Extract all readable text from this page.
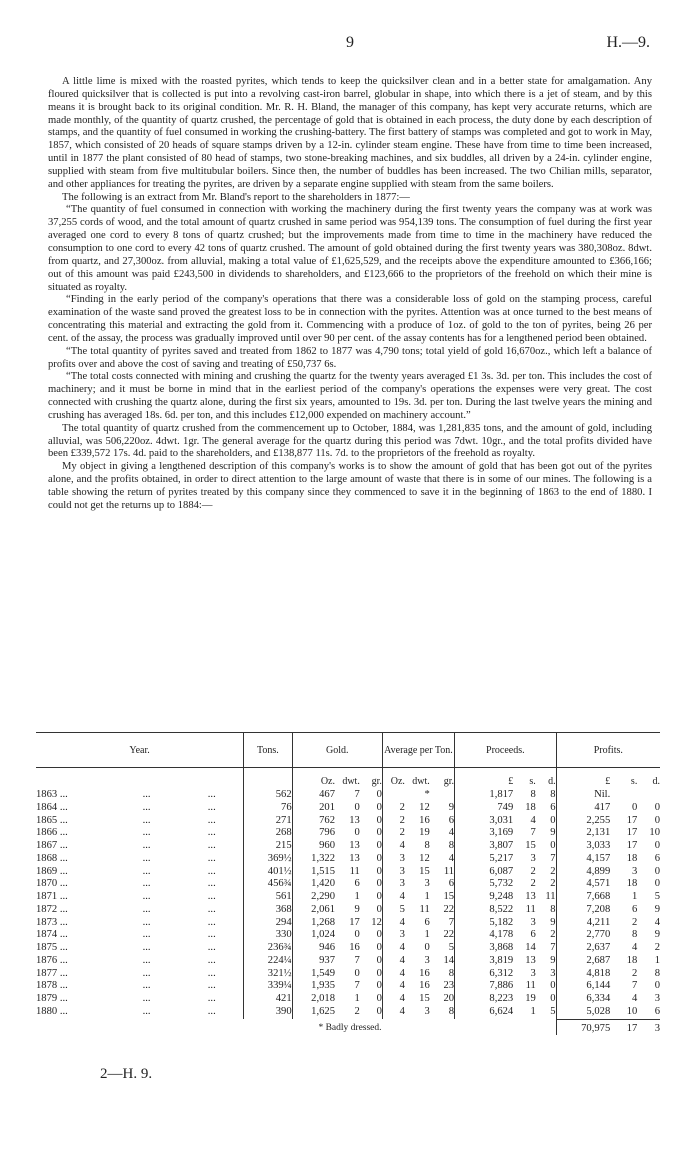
9	H.—9.

A little lime is mixed with the roasted pyrites, which tends to keep the quicksilver clean and in a better state for amalgamation. Any floured quicksilver that is collected is put into a revolving cast-iron barrel, globular in shape, into which there is a jet of steam, and by this means it is brought back to its original condition. Mr. R. H. Bland, the manager of this company, has kept very accurate returns, which are made monthly, of the quantity of quartz crushed, the percentage of gold that is obtained in each process, the duty done by each description of stamps, and the quantity of fuel consumed in working the crushing-battery. The first battery of stamps was completed and got to work in May, 1857, which consisted of 20 heads of square stamps driven by a 12-in. cylinder steam engine. These have from time to time been increased, until in 1877 the plant consisted of 80 head of stamps, two stone-breaking machines, and six buddles, all driven by a 24-in. cylinder engine, supplied with steam from five multitubular boilers. Since then, the number of buddles has been increased. The two Chilian mills, separator, and other appliances for treating the pyrites, are driven by a separate engine supplied with steam from the same boilers.

The following is an extract from Mr. Bland's report to the shareholders in 1877:—

“The quantity of fuel consumed in connection with working the machinery during the first twenty years the company was at work was 37,255 cords of wood, and the total amount of quartz crushed in same period was 954,139 tons. The consumption of fuel during the first year averaged one cord to every 8 tons of quartz crushed; but the improvements made from time to time in the machinery have reduced the consumption to one cord to every 42 tons of quartz crushed. The amount of gold obtained during the first twenty years was 380,308oz. 8dwt. from quartz, and 27,300oz. from alluvial, making a total value of £1,625,529, and the receipts above the expenditure amounted to £366,166; out of this amount was paid £243,500 in dividends to shareholders, and £123,666 to the proprietors of the freehold on which their mine is situated as royalty.

“Finding in the early period of the company's operations that there was a considerable loss of gold on the stamping process, careful examination of the waste sand proved the greatest loss to be in connection with the pyrites. Attention was at once turned to the best means of concentrating this material and extracting the gold from it. Commencing with a produce of 1oz. of gold to the ton of pyrites, being 26 per cent. of the assay, the process was gradually improved until over 90 per cent. of the assay contents has for a lengthened period been obtained.

“The total quantity of pyrites saved and treated from 1862 to 1877 was 4,790 tons; total yield of gold 16,670oz., which left a balance of profits over and above the cost of saving and treating of £50,737 6s.

“The total costs connected with mining and crushing the quartz for the twenty years averaged £1 3s. 3d. per ton. This includes the cost of machinery; and it must be borne in mind that in the earliest period of the company's operations the expenses were very great. The cost connected with crushing the quartz alone, during the first six years, amounted to 19s. 3d. per ton. During the last twelve years the mining and crushing has averaged 18s. 6d. per ton, and this includes £12,000 expended on machinery account.”

The total quantity of quartz crushed from the commencement up to October, 1884, was 1,281,835 tons, and the amount of gold, including alluvial, was 506,220oz. 4dwt. 1gr. The general average for the quartz during this period was 7dwt. 10gr., and the total profits divided have been £339,572 17s. 4d. paid to the shareholders, and £138,877 11s. 7d. to the proprietors of the freehold as royalty.

My object in giving a lengthened description of this company's works is to show the amount of gold that has been got out of the pyrites alone, and the profits obtained, in order to direct attention to the large amount of waste that there is in some of our mines. The following is a table showing the return of pyrites treated by this company since they commenced to save it in the beginning of 1863 to the end of 1880. I could not get the returns up to 1884:—

Year.			Tons.	Gold.			Average per Ton.			Proceeds.			Profits.		
				Oz.	dwt.	gr.	Oz.	dwt.	gr.	£	s.	d.	£	s.	d.
1863 ...	...	...	562	467	7	0		*		1,817	8	8	Nil.		
1864 ...	...	...	76	201	0	0	2	12	9	749	18	6	417	0	0
1865 ...	...	...	271	762	13	0	2	16	6	3,031	4	0	2,255	17	0
1866 ...	...	...	268	796	0	0	2	19	4	3,169	7	9	2,131	17	10
1867 ...	...	...	215	960	13	0	4	8	8	3,807	15	0	3,033	17	0
1868 ...	...	...	369½	1,322	13	0	3	12	4	5,217	3	7	4,157	18	6
1869 ...	...	...	401½	1,515	11	0	3	15	11	6,087	2	2	4,899	3	0
1870 ...	...	...	456¾	1,420	6	0	3	3	6	5,732	2	2	4,571	18	0
1871 ...	...	...	561	2,290	1	0	4	1	15	9,248	13	11	7,668	1	5
1872 ...	...	...	368	2,061	9	0	5	11	22	8,522	11	8	7,208	6	9
1873 ...	...	...	294	1,268	17	12	4	6	7	5,182	3	9	4,211	2	4
1874 ...	...	...	330	1,024	0	0	3	1	22	4,178	6	2	2,770	8	9
1875 ...	...	...	236¾	946	16	0	4	0	5	3,868	14	7	2,637	4	2
1876 ...	...	...	224¼	937	7	0	4	3	14	3,819	13	9	2,687	18	1
1877 ...	...	...	321½	1,549	0	0	4	16	8	6,312	3	3	4,818	2	8
1878 ...	...	...	339¼	1,935	7	0	4	16	23	7,886	11	0	6,144	7	0
1879 ...	...	...	421	2,018	1	0	4	15	20	8,223	19	0	6,334	4	3
1880 ...	...	...	390	1,625	2	0	4	3	8	6,624	1	5	5,028	10	6
													70,975	17	3
* Badly dressed.
2—H. 9.
